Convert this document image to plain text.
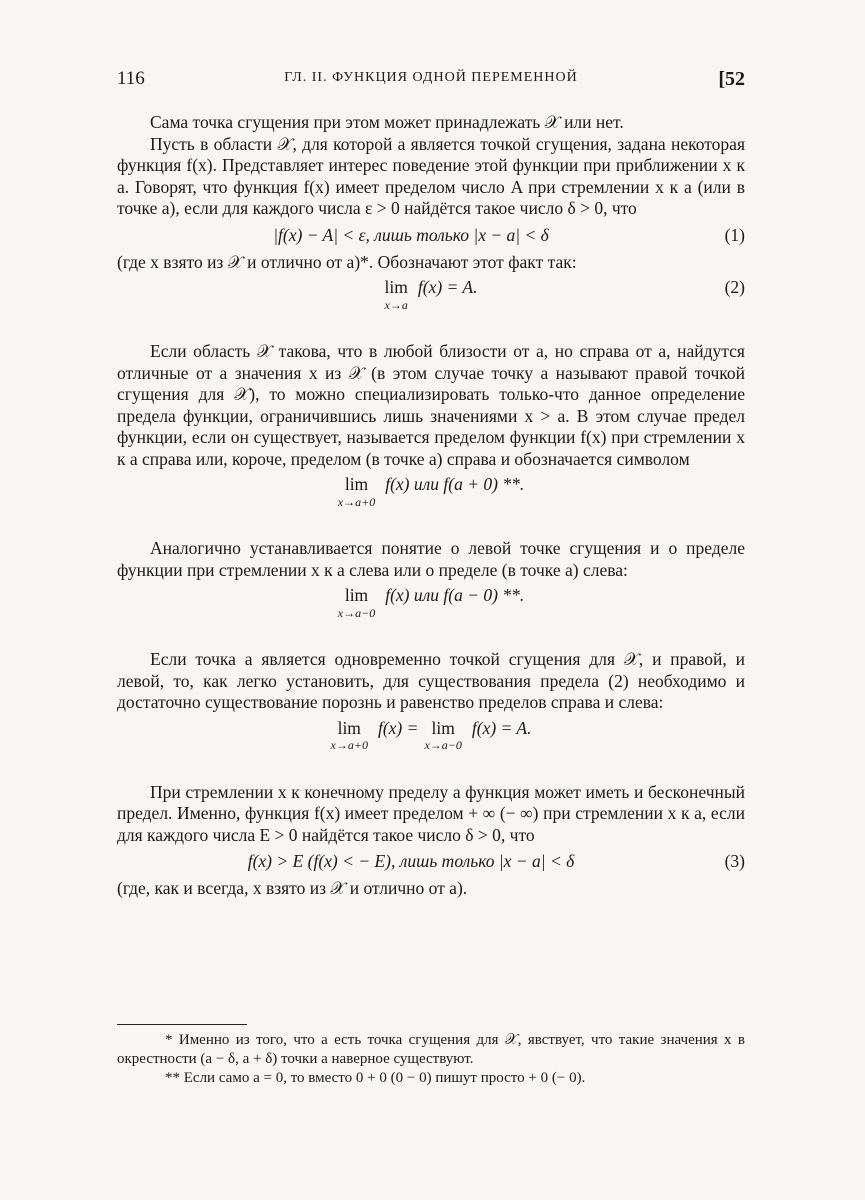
116	ГЛ. II. ФУНКЦИЯ ОДНОЙ ПЕРЕМЕННОЙ	[52

Сама точка сгущения при этом может принадлежать 𝒳 или нет.

Пусть в области 𝒳, для которой a является точкой сгущения, задана некоторая функция f(x). Представляет интерес поведение этой функции при приближении x к a. Говорят, что функция f(x) имеет пределом число A при стремлении x к a (или в точке a), если для каждого числа ε > 0 найдётся такое число δ > 0, что

|f(x) − A| < ε, лишь только |x − a| < δ	(1)

(где x взято из 𝒳 и отлично от a)*. Обозначают этот факт так:

lim
x→a
f(x) = A.	(2)

Если область 𝒳 такова, что в любой близости от a, но справа от a, найдутся отличные от a значения x из 𝒳 (в этом случае точку a называют правой точкой сгущения для 𝒳), то можно специализировать только-что данное определение предела функции, ограничившись лишь значениями x > a. В этом случае предел функции, если он существует, называется пределом функции f(x) при стремлении x к a справа или, короче, пределом (в точке a) справа и обозначается символом

lim
x→a+0
f(x) или f(a + 0) **.

Аналогично устанавливается понятие о левой точке сгущения и о пределе функции при стремлении x к a слева или о пределе (в точке a) слева:

lim
x→a−0
f(x) или f(a − 0) **.

Если точка a является одновременно точкой сгущения для 𝒳, и правой, и левой, то, как легко установить, для существования предела (2) необходимо и достаточно существование порознь и равенство пределов справа и слева:

lim
x→a+0
f(x) = lim
x→a−0
f(x) = A.

При стремлении x к конечному пределу a функция может иметь и бесконечный предел. Именно, функция f(x) имеет пределом + ∞ (− ∞) при стремлении x к a, если для каждого числа E > 0 найдётся такое число δ > 0, что

f(x) > E (f(x) < − E), лишь только |x − a| < δ	(3)

(где, как и всегда, x взято из 𝒳 и отлично от a).

* Именно из того, что a есть точка сгущения для 𝒳, явствует, что такие значения x в окрестности (a − δ, a + δ) точки a наверное существуют.

** Если само a = 0, то вместо 0 + 0 (0 − 0) пишут просто + 0 (− 0).
